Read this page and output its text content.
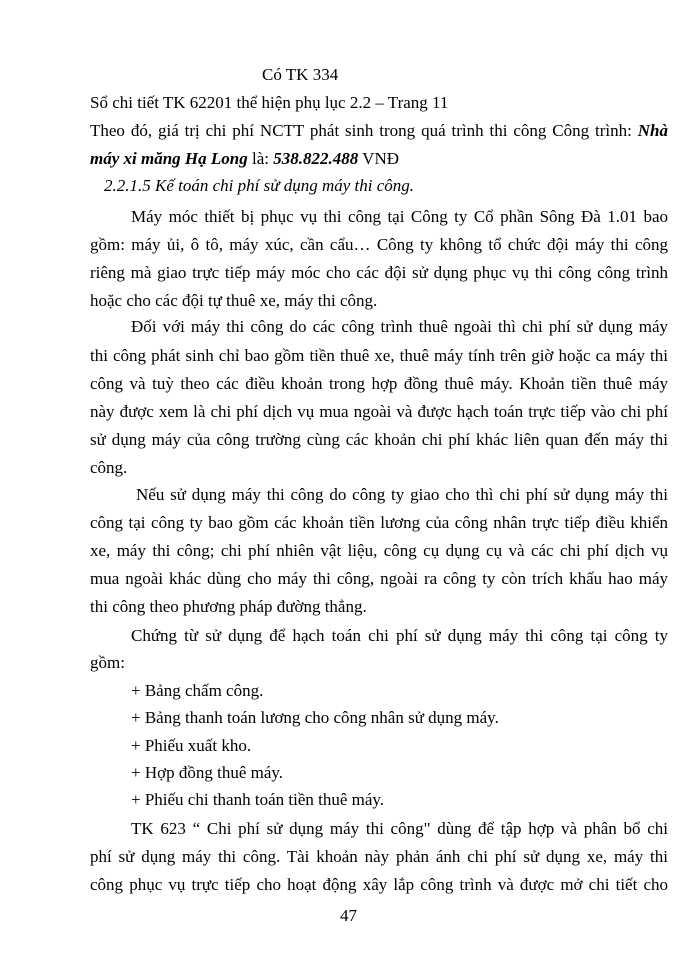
Có TK 334
Sổ chi tiết TK 62201 thể hiện phụ lục 2.2 – Trang 11
Theo đó, giá trị chi phí NCTT phát sinh trong quá trình thi công Công trình: Nhà
máy xi măng Hạ Long là: 538.822.488 VNĐ
2.2.1.5 Kế toán chi phí sử dụng máy thi công.
Máy móc thiết bị phục vụ thi công tại Công ty Cổ phần Sông Đà 1.01 bao
gồm: máy ủi, ô tô, máy xúc, cần cẩu… Công ty không tổ chức đội máy thi công
riêng mà giao trực tiếp máy móc cho các đội sử dụng phục vụ thi công công trình
hoặc cho các đội tự thuê xe, máy thi công.
Đối với máy thi công do các công trình thuê ngoài thì chi phí sử dụng máy
thi công phát sinh chỉ bao gồm tiền thuê xe, thuê máy tính trên giờ hoặc ca máy thi
công và tuỳ theo các điều khoản trong hợp đồng thuê máy. Khoản tiền thuê máy
này được xem là chi phí dịch vụ mua ngoài và được hạch toán trực tiếp vào chi phí
sử dụng máy của công trường cùng các khoản chi phí khác liên quan đến máy thi
công.
Nếu sử dụng máy thi công do công ty giao cho thì chi phí sử dụng máy thi
công tại công ty bao gồm các khoản tiền lương của công nhân trực tiếp điều khiển
xe, máy thi công; chi phí nhiên vật liệu, công cụ dụng cụ và các chi phí dịch vụ
mua ngoài khác dùng cho máy thi công, ngoài ra công ty còn trích khấu hao máy
thi công theo phương pháp đường thẳng.
Chứng từ sử dụng để hạch toán chi phí sử dụng máy thi công tại công ty
gồm:
+ Bảng chấm công.
+ Bảng thanh toán lương cho công nhân sử dụng máy.
+ Phiếu xuất kho.
+ Hợp đồng thuê máy.
+ Phiếu chi thanh toán tiền thuê máy.
TK 623 “ Chi phí sử dụng máy thi công" dùng để tập hợp và phân bổ chi
phí sử dụng máy thi công. Tài khoản này phản ánh chi phí sử dụng xe, máy thi
công phục vụ trực tiếp cho hoạt động xây lắp công trình và được mở chi tiết cho
47
